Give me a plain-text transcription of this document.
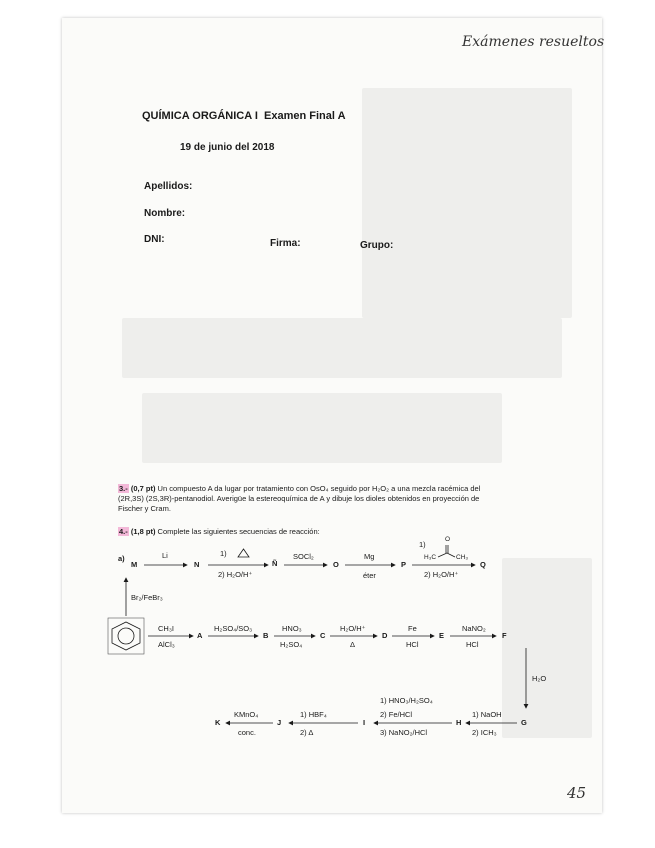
Exámenes resueltos
45
QUÍMICA ORGÁNICA I Examen Final A
19 de junio del 2018
Apellidos:
Nombre:
DNI:	Firma:	Grupo:
3.- (0,7 pt) Un compuesto A da lugar por tratamiento con OsO₄ seguido por H₂O₂ a una mezcla racémica del
(2R,3S) (2S,3R)-pentanodiol. Averigüe la estereoquímica de A y dibuje los dioles obtenidos en proyección de
Fischer y Cram.
4.- (1,8 pt) Complete las siguientes secuencias de reacción:
a)
M	N	Ñ	O	P	Q
Li	1)
2) H₂O/H⁺
SOCl₂	Mg
éter
1)
O
H₃C	CH₃
2) H₂O/H⁺
Br₂/FeBr₃
A	B	C	D	E	F
CH₃I
AlCl₃
H₂SO₄/SO₃	HNO₃
H₂SO₄
H₂O/H⁺
Δ
Fe
HCl
NaNO₂
HCl
H₂O
G
H
I
J
K
1) NaOH
2) ICH₃
1) HNO₃/H₂SO₄
2) Fe/HCl
3) NaNO₂/HCl
1) HBF₄
2) Δ
KMnO₄
conc.
